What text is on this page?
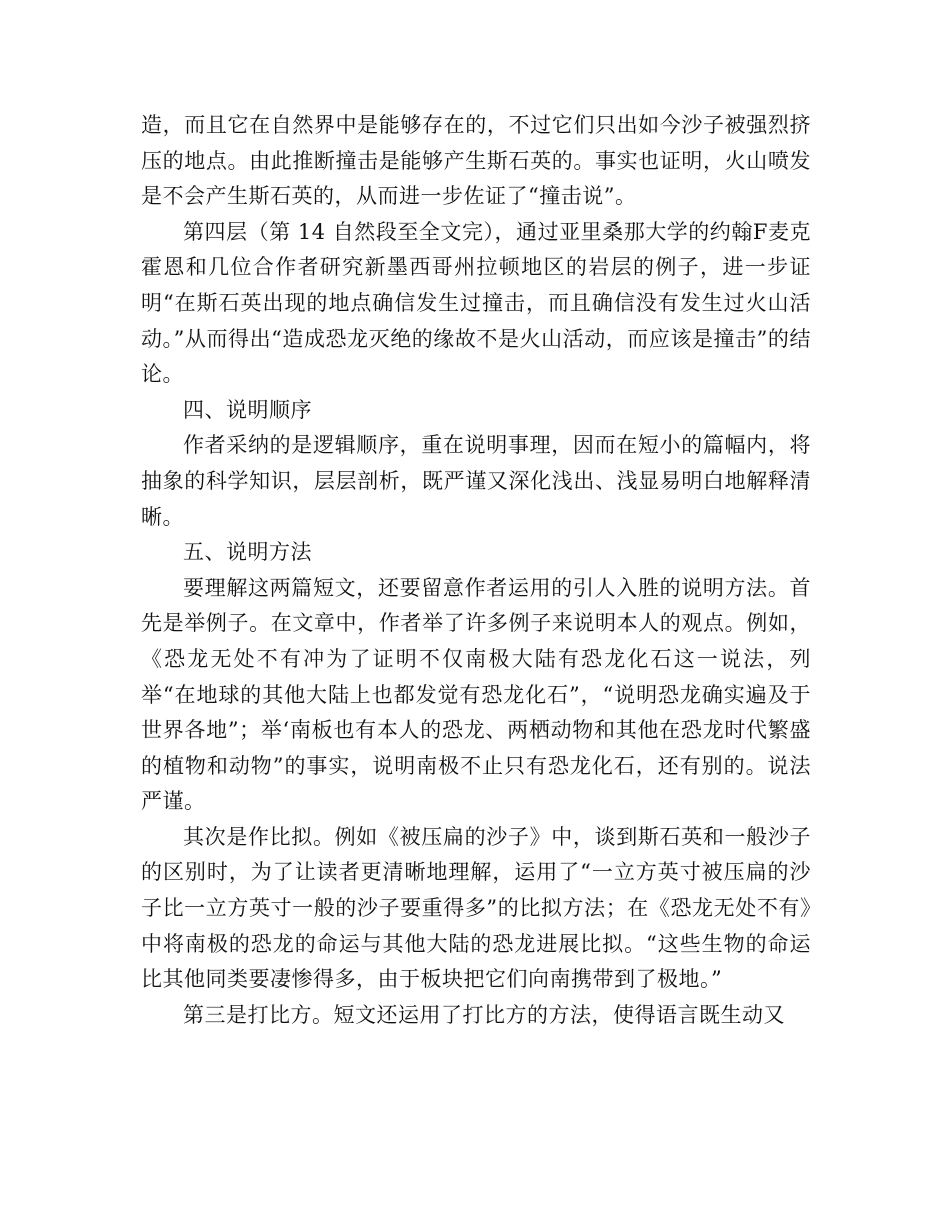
造，而且它在自然界中是能够存在的，不过它们只出如今沙子被强烈挤压的地点。由此推断撞击是能够产生斯石英的。事实也证明，火山喷发是不会产生斯石英的，从而进一步佐证了“撞击说”。

第四层（第 14 自然段至全文完），通过亚里桑那大学的约翰F麦克霍恩和几位合作者研究新墨西哥州拉顿地区的岩层的例子，进一步证明“在斯石英出现的地点确信发生过撞击，而且确信没有发生过火山活动。”从而得出“造成恐龙灭绝的缘故不是火山活动，而应该是撞击”的结论。

四、说明顺序

作者采纳的是逻辑顺序，重在说明事理，因而在短小的篇幅内，将抽象的科学知识，层层剖析，既严谨又深化浅出、浅显易明白地解释清晰。

五、说明方法

要理解这两篇短文，还要留意作者运用的引人入胜的说明方法。首先是举例子。在文章中，作者举了许多例子来说明本人的观点。例如，《恐龙无处不有冲为了证明不仅南极大陆有恐龙化石这一说法，列举“在地球的其他大陆上也都发觉有恐龙化石”，“说明恐龙确实遍及于世界各地”；举‘南板也有本人的恐龙、两栖动物和其他在恐龙时代繁盛的植物和动物”的事实，说明南极不止只有恐龙化石，还有别的。说法严谨。

其次是作比拟。例如《被压扁的沙子》中，谈到斯石英和一般沙子的区别时，为了让读者更清晰地理解，运用了“一立方英寸被压扁的沙子比一立方英寸一般的沙子要重得多”的比拟方法；在《恐龙无处不有》中将南极的恐龙的命运与其他大陆的恐龙进展比拟。“这些生物的命运比其他同类要凄惨得多，由于板块把它们向南携带到了极地。”

第三是打比方。短文还运用了打比方的方法，使得语言既生动又
